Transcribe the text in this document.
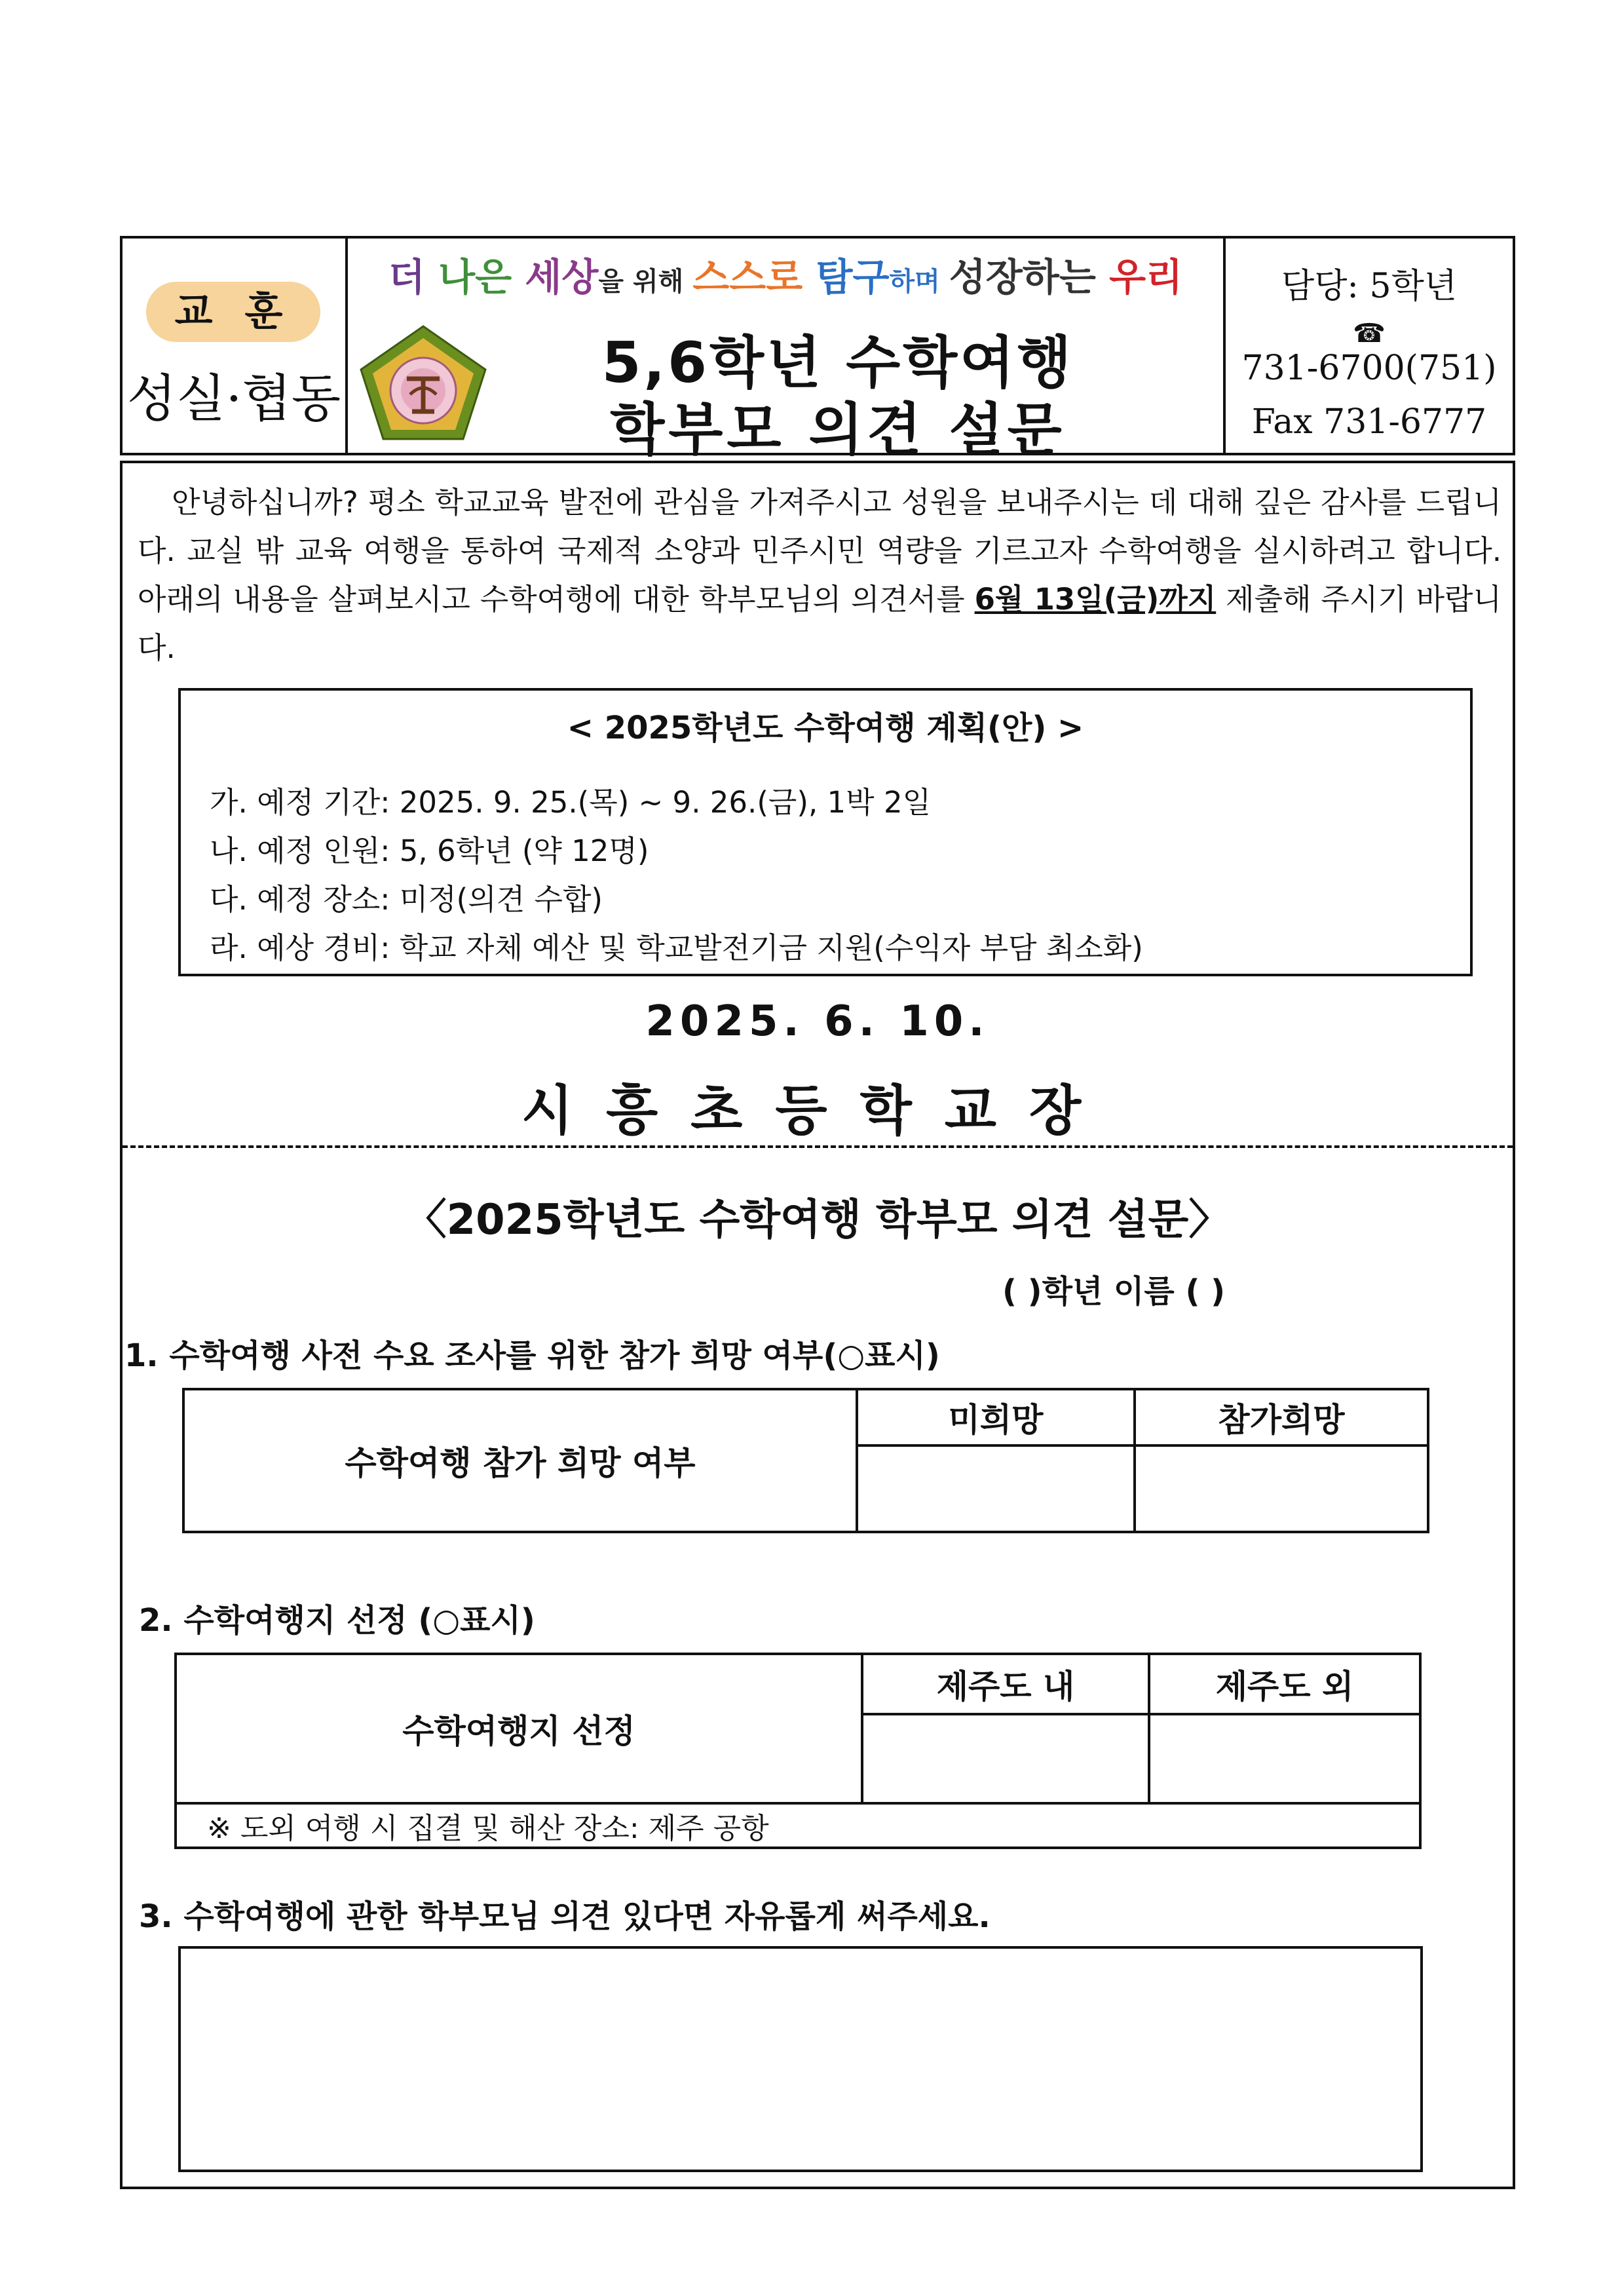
교 훈
성실·협동
더 나은 세상을 위해 스스로 탐구하며 성장하는 우리
5,6학년 수학여행
학부모 의견 설문
담당: 5학년
☎
731-6700(751)
Fax 731-6777

안녕하십니까? 평소 학교교육 발전에 관심을 가져주시고 성원을 보내주시는 데 대해 깊은 감사를 드립니다. 교실 밖 교육 여행을 통하여 국제적 소양과 민주시민 역량을 기르고자 수학여행을 실시하려고 합니다. 아래의 내용을 살펴보시고 수학여행에 대한 학부모님의 의견서를 6월 13일(금)까지 제출해 주시기 바랍니다.

< 2025학년도 수학여행 계획(안) >
가. 예정 기간: 2025. 9. 25.(목) ~ 9. 26.(금), 1박 2일
나. 예정 인원: 5, 6학년 (약 12명)
다. 예정 장소: 미정(의견 수합)
라. 예상 경비: 학교 자체 예산 및 학교발전기금 지원(수익자 부담 최소화)
2025. 6. 10.
시흥초등학교장
〈2025학년도 수학여행 학부모 의견 설문〉
( )학년 이름 ( )
1. 수학여행 사전 수요 조사를 위한 참가 희망 여부(○표시)
수학여행 참가 희망 여부	미희망	참가희망

2. 수학여행지 선정 (○표시)
수학여행지 선정	제주도 내	제주도 외

※ 도외 여행 시 집결 및 해산 장소: 제주 공항		
3. 수학여행에 관한 학부모님 의견 있다면 자유롭게 써주세요.
